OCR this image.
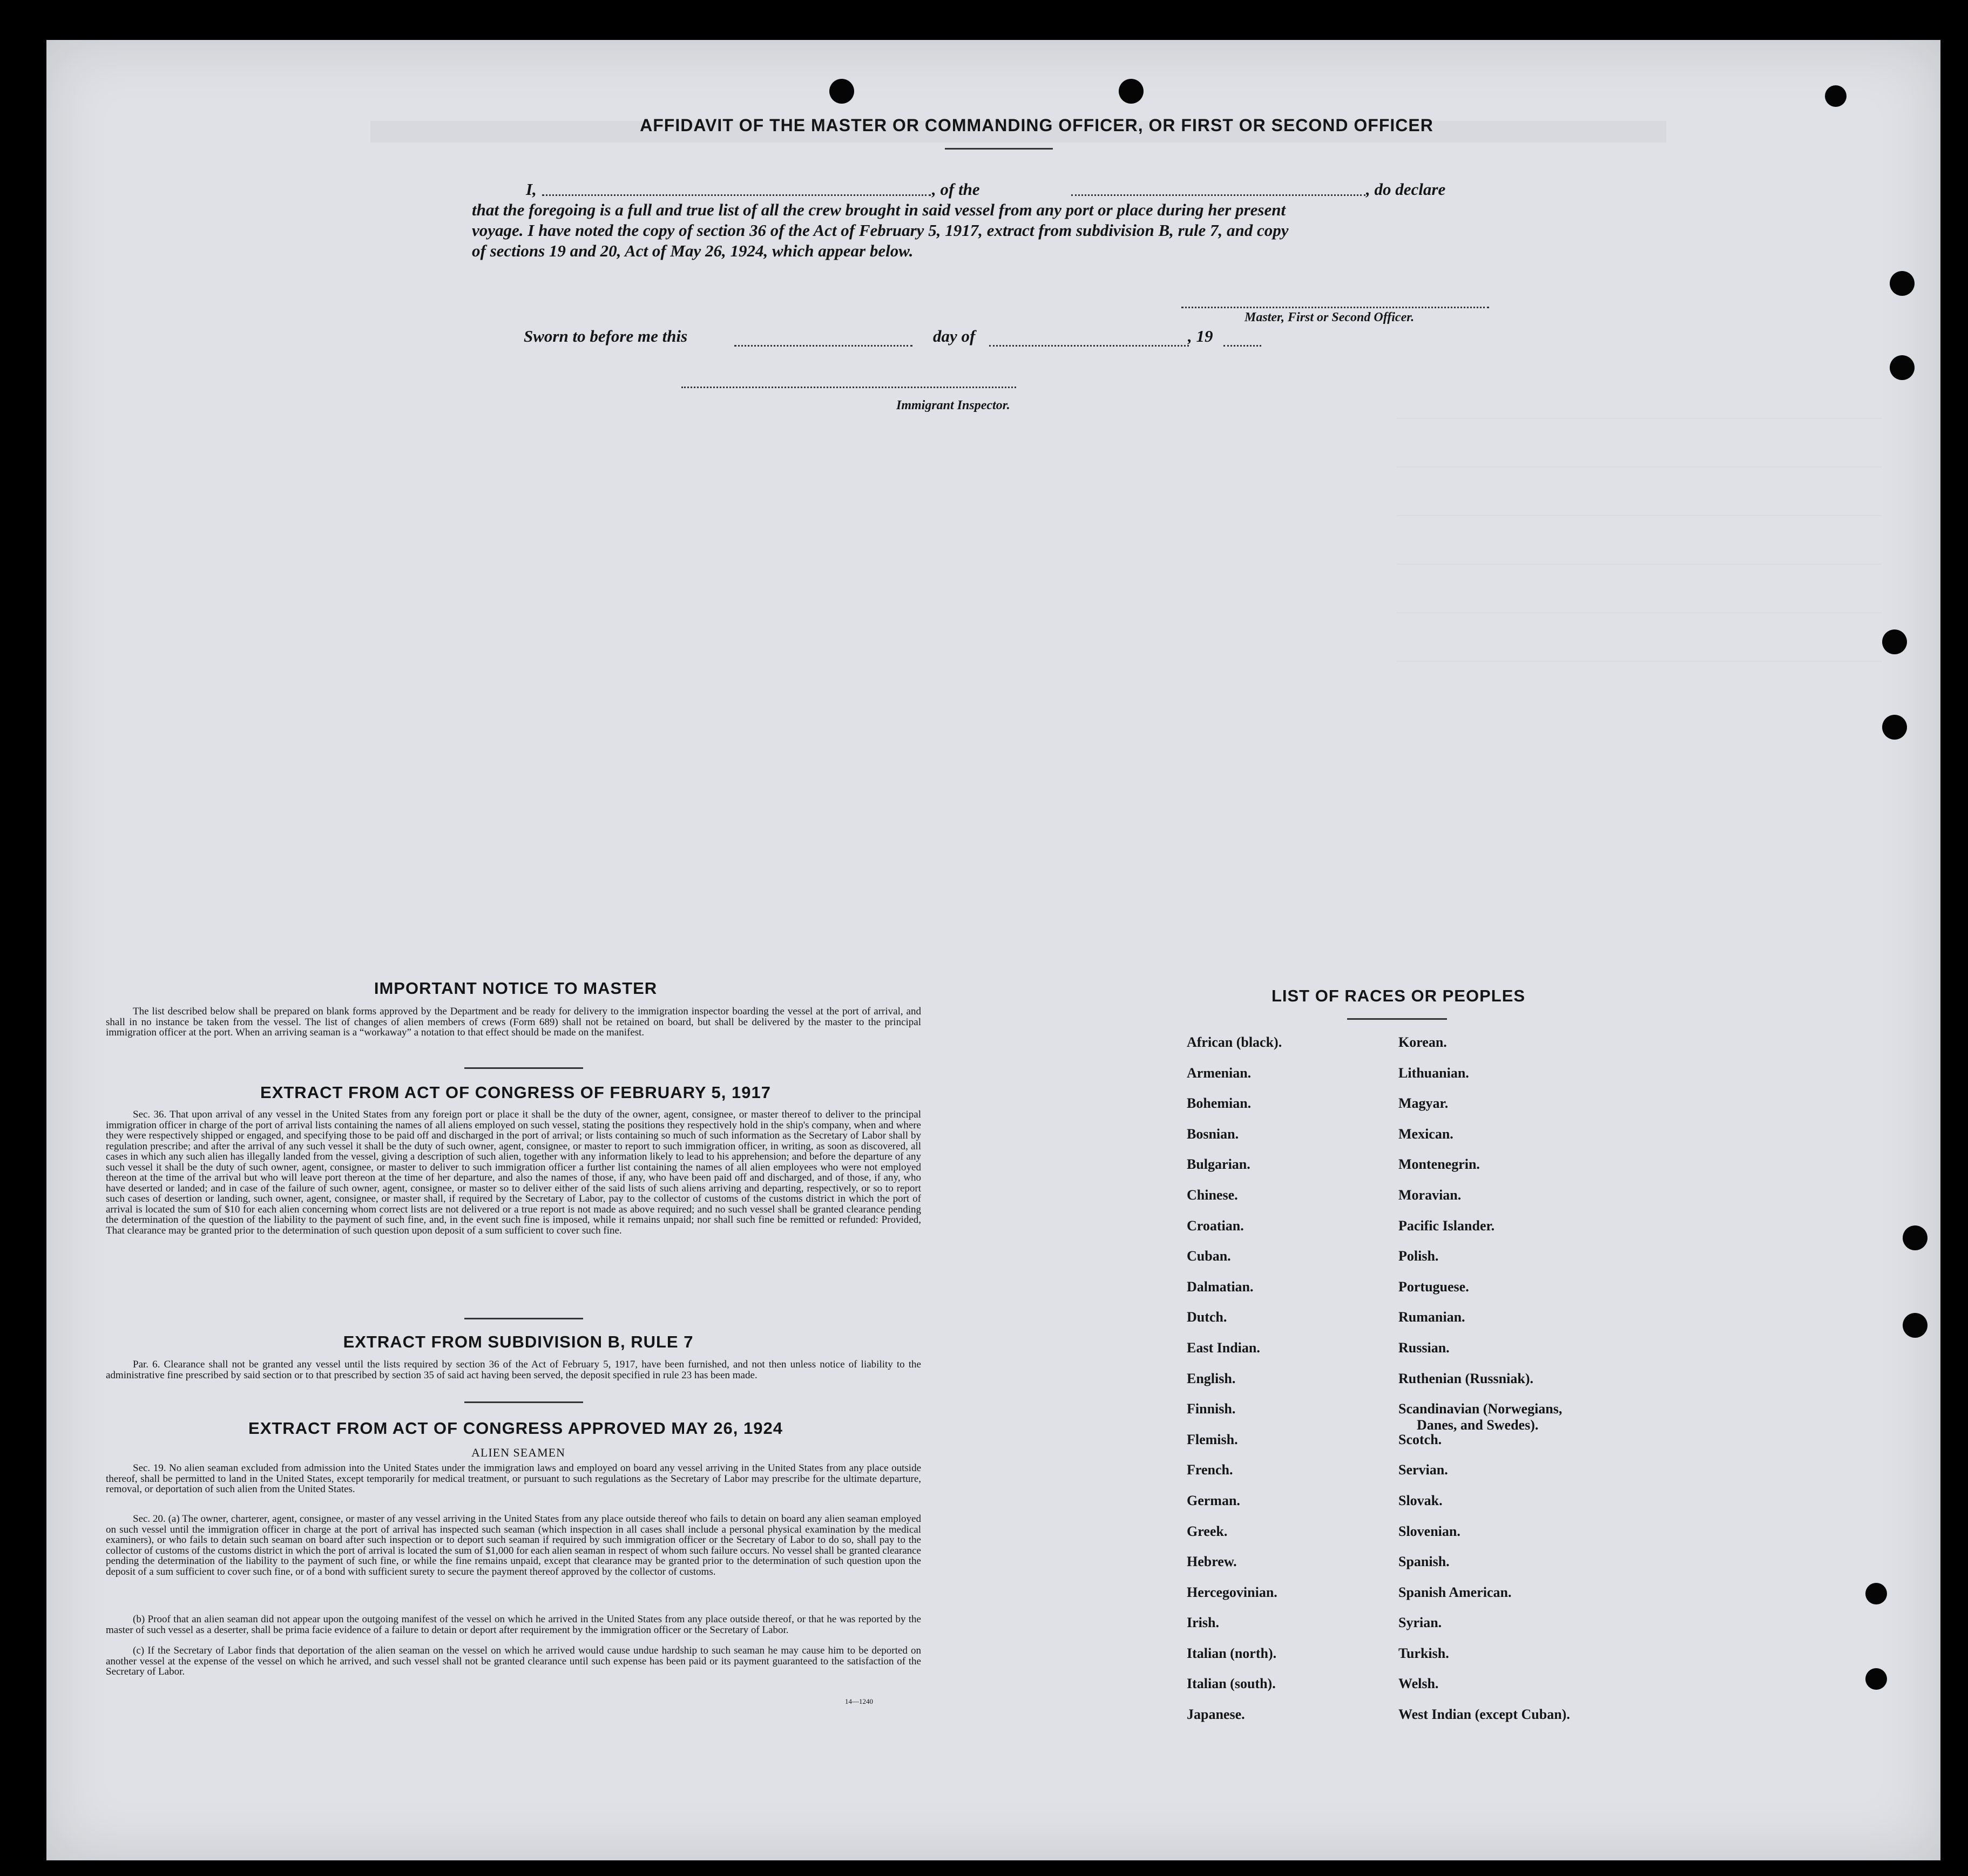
AFFIDAVIT OF THE MASTER OR COMMANDING OFFICER, OR FIRST OR SECOND OFFICER
I,	, of the	, do declare
that the foregoing is a full and true list of all the crew brought in said vessel from any port or place during her present
voyage. I have noted the copy of section 36 of the Act of February 5, 1917, extract from subdivision B, rule 7, and copy
of sections 19 and 20, Act of May 26, 1924, which appear below.
Master, First or Second Officer.
Sworn to before me this	day of	, 19
Immigrant Inspector.
IMPORTANT NOTICE TO MASTER
The list described below shall be prepared on blank forms approved by the Department and be ready for delivery to the immigration inspector boarding the vessel at the port of arrival, and shall in no instance be taken from the vessel. The list of changes of alien members of crews (Form 689) shall not be retained on board, but shall be delivered by the master to the principal immigration officer at the port. When an arriving seaman is a “workaway” a notation to that effect should be made on the manifest.
EXTRACT FROM ACT OF CONGRESS OF FEBRUARY 5, 1917
Sec. 36. That upon arrival of any vessel in the United States from any foreign port or place it shall be the duty of the owner, agent, consignee, or master thereof to deliver to the principal immigration officer in charge of the port of arrival lists containing the names of all aliens employed on such vessel, stating the positions they respectively hold in the ship's company, when and where they were respectively shipped or engaged, and specifying those to be paid off and discharged in the port of arrival; or lists containing so much of such information as the Secretary of Labor shall by regulation prescribe; and after the arrival of any such vessel it shall be the duty of such owner, agent, consignee, or master to report to such immigration officer, in writing, as soon as discovered, all cases in which any such alien has illegally landed from the vessel, giving a description of such alien, together with any information likely to lead to his apprehension; and before the departure of any such vessel it shall be the duty of such owner, agent, consignee, or master to deliver to such immigration officer a further list containing the names of all alien employees who were not employed thereon at the time of the arrival but who will leave port thereon at the time of her departure, and also the names of those, if any, who have been paid off and discharged, and of those, if any, who have deserted or landed; and in case of the failure of such owner, agent, consignee, or master so to deliver either of the said lists of such aliens arriving and departing, respectively, or so to report such cases of desertion or landing, such owner, agent, consignee, or master shall, if required by the Secretary of Labor, pay to the collector of customs of the customs district in which the port of arrival is located the sum of $10 for each alien concerning whom correct lists are not delivered or a true report is not made as above required; and no such vessel shall be granted clearance pending the determination of the question of the liability to the payment of such fine, and, in the event such fine is imposed, while it remains unpaid; nor shall such fine be remitted or refunded: Provided, That clearance may be granted prior to the determination of such question upon deposit of a sum sufficient to cover such fine.
EXTRACT FROM SUBDIVISION B, RULE 7
Par. 6. Clearance shall not be granted any vessel until the lists required by section 36 of the Act of February 5, 1917, have been furnished, and not then unless notice of liability to the administrative fine prescribed by said section or to that prescribed by section 35 of said act having been served, the deposit specified in rule 23 has been made.
EXTRACT FROM ACT OF CONGRESS APPROVED MAY 26, 1924
ALIEN SEAMEN
Sec. 19. No alien seaman excluded from admission into the United States under the immigration laws and employed on board any vessel arriving in the United States from any place outside thereof, shall be permitted to land in the United States, except temporarily for medical treatment, or pursuant to such regulations as the Secretary of Labor may prescribe for the ultimate departure, removal, or deportation of such alien from the United States.
Sec. 20. (a) The owner, charterer, agent, consignee, or master of any vessel arriving in the United States from any place outside thereof who fails to detain on board any alien seaman employed on such vessel until the immigration officer in charge at the port of arrival has inspected such seaman (which inspection in all cases shall include a personal physical examination by the medical examiners), or who fails to detain such seaman on board after such inspection or to deport such seaman if required by such immigration officer or the Secretary of Labor to do so, shall pay to the collector of customs of the customs district in which the port of arrival is located the sum of $1,000 for each alien seaman in respect of whom such failure occurs. No vessel shall be granted clearance pending the determination of the liability to the payment of such fine, or while the fine remains unpaid, except that clearance may be granted prior to the determination of such question upon the deposit of a sum sufficient to cover such fine, or of a bond with sufficient surety to secure the payment thereof approved by the collector of customs.
(b) Proof that an alien seaman did not appear upon the outgoing manifest of the vessel on which he arrived in the United States from any place outside thereof, or that he was reported by the master of such vessel as a deserter, shall be prima facie evidence of a failure to detain or deport after requirement by the immigration officer or the Secretary of Labor.
(c) If the Secretary of Labor finds that deportation of the alien seaman on the vessel on which he arrived would cause undue hardship to such seaman he may cause him to be deported on another vessel at the expense of the vessel on which he arrived, and such vessel shall not be granted clearance until such expense has been paid or its payment guaranteed to the satisfaction of the Secretary of Labor.
14—1240
LIST OF RACES OR PEOPLES
African (black).
Armenian.
Bohemian.
Bosnian.
Bulgarian.
Chinese.
Croatian.
Cuban.
Dalmatian.
Dutch.
East Indian.
English.
Finnish.
Flemish.
French.
German.
Greek.
Hebrew.
Hercegovinian.
Irish.
Italian (north).
Italian (south).
Japanese.
Korean.
Lithuanian.
Magyar.
Mexican.
Montenegrin.
Moravian.
Pacific Islander.
Polish.
Portuguese.
Rumanian.
Russian.
Ruthenian (Russniak).
Scandinavian (Norwegians,
Danes, and Swedes).
Scotch.
Servian.
Slovak.
Slovenian.
Spanish.
Spanish American.
Syrian.
Turkish.
Welsh.
West Indian (except Cuban).
